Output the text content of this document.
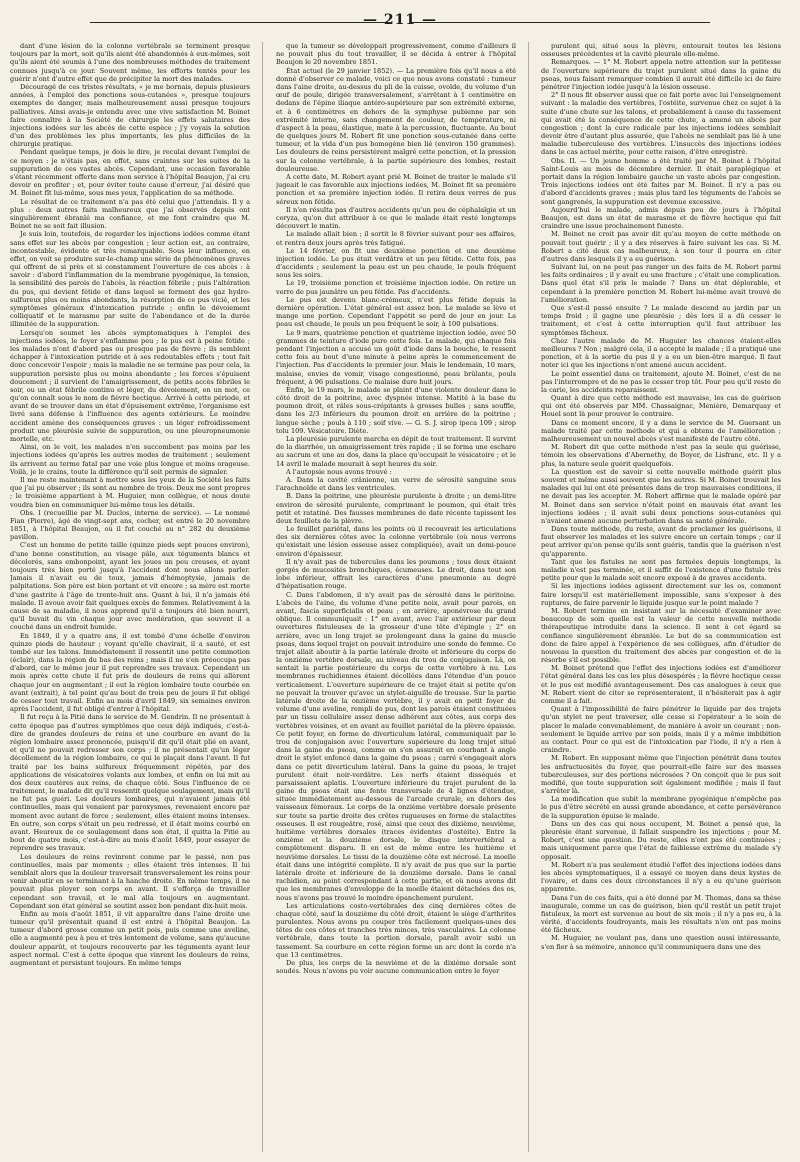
— 211 —

dant d'une lésion de la colonne vertébrale se terminent presque toujours par la mort, soit qu'ils aient été abandonnés à eux-mêmes, soit qu'ils aient été soumis à l'une des nombreuses méthodes de traitement connues jusqu'à ce jour. Souvent même, les efforts tentés pour les guérir n'ont d'autre effet que de précipiter la mort des malades.

Découragé de ces tristes résultats, « je me bornais, depuis plusieurs années, à l'emploi des ponctions sous-cutanées », presque toujours exemptes de danger, mais malheureusement aussi presque toujours palliatives. Ainsi avais-je entendu avec une vive satisfaction M. Boinet faire connaître à la Société de chirurgie les effets salutaires des injections iodées sur les abcès de cette espèce ; j'y voyais la solution d'un des problèmes les plus importants, les plus difficiles de la chirurgie pratique.

Pendant quelque temps, je dois le dire, je reculai devant l'emploi de ce moyen : je n'étais pas, en effet, sans craintes sur les suites de la suppuration de ces vastes abcès. Cependant, une occasion favorable s'étant récemment offerte dans mon service à l'hôpital Beaujon, j'ai cru devoir en profiter ; et, pour éviter toute cause d'erreur, j'ai désiré que M. Boinet fît lui-même, sous mes yeux, l'application de sa méthode.

Le résultat de ce traitement n'a pas été celui que j'attendais. Il y a plus : deux autres faits malheureux que j'ai observés depuis ont singulièrement ébranlé ma confiance, et me font craindre que M. Boinet ne se soit fait illusion.

Je suis loin, toutefois, de regarder les injections iodées comme étant sans effet sur les abcès par congestion ; leur action est, au contraire, incontestable, évidente et très remarquable. Sous leur influence, en effet, on voit se produire sur-le-champ une série de phénomènes graves qui offrent de si près et si constamment l'ouverture de ces abcès : à savoir : d'abord l'inflammation de la membrane pyogénique, la tension, la sensibilité des parois de l'abcès, la réaction fébrile ; puis l'altération du pus, qui devient fétide et dans lequel se forment des gaz hydro-sulfureux plus ou moins abondants, la résorption de ce pus vicié, et les symptômes généraux d'intoxication putride ; enfin le dévoiement colliquatif et le marasme par suite de l'abondance et de la durée illimitée de la suppuration.

Lorsqu'on soumet les abcès symptomatiques à l'emploi des injections iodées, le foyer s'enflamme peu ; le pus est à peine fétide ; les malades n'ont d'abord pas ou presque pas de fièvre ; ils semblent échapper à l'intoxication putride et à ses redoutables effets ; tout fait donc concevoir l'espoir ; mais la maladie ne se termine pas pour cela, la suppuration persiste plus ou moins abondante ; les forces s'épuisent doucement ; il survient de l'amaigrissement, de petits accès fébriles le soir, ou un état fébrile continu et léger, du dévoiement, en un mot, ce qu'on connaît sous le nom de fièvre hectique. Arrivé à cette période, et avant de se trouver dans un état d'épuisement extrême, l'organisme est livré sans défense à l'influence des agents extérieurs. Le moindre accident amène des conséquences graves : un léger refroidissement produit une pleurésie suivie de suppuration, ou une pleuropneumonie mortelle, etc.

Ainsi, on le voit, les malades n'en succombent pas moins par les injections iodées qu'après les autres modes de traitement ; seulement ils arrivent au terme fatal par une voie plus longue et moins orageuse. Voilà, je le crains, toute la différence qu'il soit permis de signaler.

Il me reste maintenant à mettre sous les yeux de la Société les faits que j'ai pu observer ; ils sont au nombre de trois. Deux me sont propres ; le troisième appartient à M. Huguier, mon collègue, et nous doute voudra bien en communiquer lui-même tous les détails.

Obs. I (recueillie par M. Duclos, interne de service). — Le nommé Fian (Pierre), âgé de vingt-sept ans, cocher, est entré le 20 novembre 1851, à l'hôpital Beaujon, où il fut couché au n° 282 du deuxième pavillon.

C'est un homme de petite taille (quinze pieds sept pouces environ), d'une bonne constitution, au visage pâle, aux téguments blancs et décolorés, sans embonpoint, ayant les joues un peu creuses, et ayant toujours très bien porté jusqu'à l'accident dont nous allons parler. Jamais il n'avait eu de toux, jamais d'hémoptysie, jamais de palpitations. Son père est bien portant et vit encore ; sa mère est morte d'une gastrite à l'âge de trente-huit ans. Quant à lui, il n'a jamais été malade. Il avoue avoir fait quelques excès de femmes. Relativement à la cause de sa maladie, il nous apprend qu'il a toujours été bien nourri, qu'il buvait du vin chaque jour avec modération, que souvent il a couché dans un endroit humide.

En 1849, il y a quatre ans, il est tombé d'une échelle d'environ quinze pieds de hauteur ; voyant qu'elle chavirait, il a sauté, et est tombé sur les talons. Immédiatement il ressentit une petite commotion (éclair), dans la région du bas des reins ; mais il ne s'en préoccupa pas d'abord, car le même jour il put reprendre ses travaux. Cependant un mois après cette chute il fut pris de douleurs de reins qui allèrent chaque jour en augmentant ; il eut la région lombaire toute courbée en avant (extrait), à tel point qu'au bout de trois peu de jours il fut obligé de cesser tout travail. Enfin au mois d'avril 1849, six semaines environ après l'accident, il fut obligé d'entrer à l'hôpital.

Il fut reçu à la Pitié dans le service de M. Gendrin. Il ne présentait à cette époque pas d'autres symptômes que ceux déjà indiqués, c'est-à-dire de grandes douleurs de reins et une courbure en avant de la région lombaire assez prononcée, puisqu'il dit qu'il était plié en avant, et qu'il ne pouvait redresser son corps ; il ne présentait qu'un léger décollement de la région lombaire, ce qui le plaçait dans l'avant. Il fut traité par les bains sulfureux fréquemment répétés, par des applications de vésicatoires volants aux lombes, et enfin on lui mit au dos deux cautères aux reins, de chaque côté. Sous l'influence de ce traitement, le malade dit qu'il ressentit quelque soulagement, mais qu'il ne fut pas guéri. Les douleurs lombaires, qui n'avaient jamais été continuelles, mais qui venaient par paroxysmes, revenaient encore par moment avec autant de force ; seulement, elles étaient moins intenses. En outre, son corps s'était un peu redressé, et il était moins courbé en avant. Heureux de ce soulagement dans son état, il quitta la Pitié au bout de quatre mois, c'est-à-dire au mois d'août 1849, pour essayer de reprendre ses travaux.

Les douleurs de reins revinrent comme par le passé, non pas continuelles, mais par moments ; elles étaient très intenses. Il lui semblait alors que la douleur traversait transversalement les reins pour venir aboutir en se terminant à la hanche droite. En même temps, il ne pouvait plus ployer son corps en avant. Il s'efforça de travailler cependant son travail, et le mal alla toujours en augmentant. Cependant son état général se soutint assez bon pendant dix-huit mois.

Enfin au mois d'août 1851, il vit apparaître dans l'aine droite une tumeur qu'il présentait quand il est entré à l'hôpital Beaujon. La tumeur d'abord grosse comme un petit pois, puis comme une aveline, elle a augmenté peu à peu et très lentement de volume, sans qu'aucune douleur apparût, et toujours recouverte par les téguments ayant leur aspect normal. C'est à cette époque que vinrent les douleurs de reins, augmentant et persistant toujours. En même temps

que la tumeur se développait progressivement, comme d'ailleurs il ne pouvait plus du tout travailler, il se décida à entrer à l'hôpital Beaujon le 20 novembre 1851.

État actuel (le 29 janvier 1852). — La première fois qu'il nous a été donné d'observer ce malade, voici ce que nous avons constaté : tumeur dans l'aine droite, au-dessus du pli de la cuisse, ovoïde, du volume d'un œuf de poule, dirigée transversalement, s'arrêtant à 1 centimètre en dedans de l'épine iliaque antéro-supérieure par son extrémité externe, et à 6 centimètres en dehors de la symphyse pubienne par son extrémité interne, sans changement de couleur, de température, ni d'aspect à la peau, élastique, mate à la percussion, fluctuante. Au bout de quelques jours M. Robert fit une ponction sous-cutanée dans cette tumeur, et la vida d'un pus homogène bien lié (environ 150 grammes). Les douleurs de reins persistèrent malgré cette ponction, et la pression sur la colonne vertébrale, à la partie supérieure des lombes, restait douloureuse.

A cette date, M. Robert ayant prié M. Boinet de traiter le malade s'il jugeait le cas favorable aux injections iodées, M. Boinet fit sa première ponction et sa première injection iodée. Il retira deux verres de pus séreux non fétide.

Il n'en résulta pas d'autres accidents qu'un peu de céphalalgie et un coryza, qu'on dut attribuer à ce que le malade était resté longtemps découvert le matin.

Le malade allait bien ; il sortit le 8 février suivant pour ses affaires, et rentra deux jours après très fatigué.

Le 14 février, on fit une deuxième ponction et une deuxième injection iodée. Le pus était verdâtre et un peu fétide. Cette fois, pas d'accidents ; seulement la peau est un peu chaude, le pouls fréquent sous les soirs.

Le 19, troisième ponction et troisième injection iodée. On retire un verre de pus jaunâtre un peu fétide. Pas d'accidents.

Le pus est devenu blanc-crémeux, n'est plus fétide depuis la dernière opération. L'état général est assez bon. Le malade se lève et mange une portion. Cependant l'appétit se perd de jour en jour. La peau est chaude, le pouls un peu fréquent le soir, à 100 pulsations.

Le 9 mars, quatrième ponction et quatrième injection iodée, avec 50 grammes de teinture d'iode pure cette fois. Le malade, qui chaque fois pendant l'injection a accusé un goût d'iode dans la bouche, le ressent cette fois au bout d'une minute à peine après le commencement de l'injection. Pas d'accidents le premier jour. Mais le lendemain, 10 mars, malaise, envies de vomir, visage congestionné, peau brûlante, pouls fréquent, à 96 pulsations. Ce malaise dure huit jours.

Enfin, le 19 mars, le malade se plaint d'une violente douleur dans le côté droit de la poitrine, avec dyspnée intense. Matité à la base du poumon droit, et râles sous-crépitants à grosses bulles ; sans souffle, dans les 2/3 inférieurs du poumon droit en arrière de la poitrine ; langue sèche ; pouls à 110 ; soif vive. — G. S. J. sirop ipeca 109 ; sirop tolu 109. Vésicatoire. Diète.

La pleurésie purulente marcha en dépit de tout traitement. Il survint de la diarrhée, un amaigrissement très rapide ; il se forma une eschare au sacrum et une au dos, dans la place qu'occupait le vésicatoire ; et le 14 avril le malade mourait à sept heures du soir.

A l'autopsie nous avons trouvé :

A. Dans la cavité crânienne, un verre de sérosité sanguine sous l'arachnoïde et dans les ventricules.

B. Dans la poitrine, une pleurésie purulente à droite ; un demi-litre environ de sérosité purulente, comprimant le poumon, qui était très petit et ratatiné. Des fausses membranes de date récente tapissent les deux feuillets de la plèvre.

Le feuillet pariétal, dans les points où il recouvrait les articulations des six dernières côtes avec la colonne vertébrale (où nous verrons qu'existait une lésion osseuse assez compliquée), avait un demi-pouce environ d'épaisseur.

Il n'y avait pas de tubercules dans les poumons ; tous deux étaient gorgés de mucosités bronchiques, écumeuses. Le droit, dans tout son lobe inférieur, offrait les caractères d'une pneumonie au degré d'hépatisation rouge.

C. Dans l'abdomen, il n'y avait pas de sérosité dans le péritoine. L'abcès de l'aine, du volume d'une petite noix, avait pour parois, en avant, fascia superficialis et peau ; en arrière, aponévrose du grand oblique. Il communiquait : 1° en avant, avec l'air extérieur par deux ouvertures fistuleuses de la grosseur d'une tête d'épingle ; 2° en arrière, avec un long trajet se prolongeant dans la gaine du muscle psoas, dans lequel trajet on pouvait introduire une sonde de femme. Ce trajet allait aboutir à la partie latérale droite et inférieure du corps de la onzième vertèbre dorsale, au niveau du trou de conjugaison. Là, on sentait la partie postérieure du corps de cette vertèbre à nu. Les membranes rachidiennes étaient décollées dans l'étendue d'un pouce verticalement. L'ouverture supérieure de ce trajet était si petite qu'on ne pouvait la trouver qu'avec un stylet-aiguille de trousse. Sur la partie latérale droite de la onzième vertèbre, il y avait en petit foyer du volume d'une aveline, rempli de pus, dont les parois étaient constituées par un tissu cellulaire assez dense adhérent aux côtes, aux corps des vertèbres voisines, et en avant au feuillet pariétal de la plèvre épaissie. Ce petit foyer, en forme de diverticulum latéral, communiquait par le trou de conjugaison avec l'ouverture supérieure du long trajet situé dans la gaine du psoas, comme on s'en assurait en courbant à angle droit le stylet enfoncé dans la gaine du psoas ; carré s'engageait alors dans ce petit diverticulum latéral. Dans la gaine du psoas, le trajet purulent était noir-verdâtre. Les nerfs étaient disséqués et parsaissaient aplatis. L'ouverture inférieure du trajet purulent de la gaine du psoas était une fente transversale de 4 lignes d'étendue, située immédiatement au-dessous de l'arcade crurale, en dehors des vaisseaux fémoraux. Le corps de la onzième vertèbre dorsale présente sur toute sa partie droite des crêtes rugueuses en forme de stalactites osseuses. Il est rougeâtre, rosé, ainsi que ceux des dixième, neuvième, huitième vertèbres dorsales (traces évidentes d'ostéite). Entre la onzième et la douzième dorsale, le disque intervertébral a complètement disparu. Il en est de même entre les huitième et neuvième dorsales. Le tissu de la douzième côte est nécrosé. La moelle était dans une intégrité complète. Il n'y avait de pus que sur la partie latérale droite et inférieure de la douzième dorsale. Dans le canal rachidien, au point correspondant à cette partie, et où nous avons dit que les membranes d'enveloppe de la moelle étaient détachées des os, nous n'avons pas trouvé le moindre épanchement purulent.

Les articulations costo-vertébrales des cinq dernières côtes de chaque côté, sauf la douzième du côté droit, étaient le siège d'arthrites purulentes. Nous avons pu couper très facilement quelques-unes des têtes de ces côtes et tranches très minces, très vasculaires. La colonne vertébrale, dans toute la portion dorsale, paraît avoir subi un tassement. Sa courbure en cette région forme un arc dont la corde n'a que 13 centimètres.

De plus, les corps de la neuvième et de la dixième dorsale sont soudés. Nous n'avons pu voir aucune communication entre le foyer

purulent qui, situé sous la plèvre, entourait toutes les lésions osseuses précédentes et la cavité pleurale elle-même.

Remarques. — 1° M. Robert appela notre attention sur la petitesse de l'ouverture supérieure du trajet purulent situé dans la gaine du psoas, nous faisant remarquer combien il aurait été difficile ici de faire pénétrer l'injection iodée jusqu'à la lésion osseuse.

2° Il nous fit observer aussi que ce fait porte avec lui l'enseignement suivant : la maladie des vertèbres, l'ostéite, survenue chez ce sujet à la suite d'une chute sur les talons, et probablement à cause du tassement qui avait été la conséquence de cette chute, a amené un abcès par congestion ; dont la cure radicale par les injections iodées semblait devoir être d'autant plus assurée, que l'abcès ne semblait pas lié à une maladie tuberculeuse des vertèbres. L'insuccès des injections iodées dans le cas actuel mérite, pour cette raison, d'être enregistré.

Obs. II. — Un jeune homme a été traité par M. Boinet à l'hôpital Saint-Louis au mois de décembre dernier. Il était paraplégique et portait dans la région lombaire gauche un vaste abcès par congestion. Trois injections iodées ont été faites par M. Boinet. Il n'y a pas eu d'abord d'accidents graves ; mais plus tard les téguments de l'abcès se sont gangrenés, la suppuration est devenue excessive.

Aujourd'hui le malade, admis depuis peu de jours à l'hôpital Beaujon, est dans un état de marasme et de fièvre hectique qui fait craindre une issue prochainement funeste.

M. Boinet ne croit pas avoir dit qu'au moyen de cette méthode on pouvait tout guérir ; il y a des réserves à faire suivant les cas. Si M. Robert a cité deux cas malheureux, à son tour il pourra en citer d'autres dans lesquels il y a eu guérison.

Suivant lui, on ne peut pas ranger un des faits de M. Robert parmi les faits ordinaires ; il y avait eu une fracture ; c'était une complication. Dans quel état s'il pris le malade ? Dans un état déplorable, et cependant à la première ponction M. Robert lui-même avait trouvé de l'amélioration.

Que s'est-il passé ensuite ? Le malade descend au jardin par un temps froid ; il gagne une pleurésie ; dès lors il a dû cesser le traitement, et c'est à cette interruption qu'il faut attribuer les symptômes fâcheux.

Chez l'autre malade de M. Huguier les chances étaient-elles meilleures ? Non ; malgré cela, il a accepté le malade ; il a pratiqué une ponction, et à la sortie du pus il y a eu un bien-être marqué. Il faut noter ici que les injections n'ont amené aucun accident.

Le point essentiel dans ce traitement, ajoute M. Boinet, c'est de ne pas l'interrompre et de ne pas le cesser trop tôt. Pour peu qu'il reste de la carie, les accidents reparaissent.

Quant à dire que cette méthode est mauvaise, les cas de guérison qui ont été observés par MM. Chassaignac, Menière, Demarquay et Houel sont là pour prouver le contraire.

Dans ce moment encore, il y a dans le service de M. Guersant un malade traité par cette méthode et qui a obtenu de l'amélioration ; malheureusement un nouvel abcès s'est manifesté de l'autre côté.

M. Robert dit que cette méthode n'est pas la seule qui guérisse, témoin les observations d'Abernethy, de Boyer, de Lisfranc, etc. Il y a plus, la nature seule guérit quelquefois.

La question est de savoir si cette nouvelle méthode guérit plus souvent et même aussi souvent que les autres. Si M. Boinet trouvait les malades qui lui ont été présentés dans de trop mauvaises conditions, il ne devait pas les accepter. M. Robert affirme que le malade opéré par M. Boinet dans son service n'était point en mauvais état avant les injections iodées ; il avait subi deux ponctions sous-cutanées qui n'avaient amené aucune perturbation dans sa santé générale.

Dans toute méthode, du reste, avant de proclamer les guérisons, il faut observer les malades et les suivre encore un certain temps ; car il peut arriver qu'on pense qu'ils sont guéris, tandis que la guérison n'est qu'apparente.

Tant que les fistules ne sont pas fermées depuis longtemps, la maladie n'est pas terminée, et il suffit de l'existence d'une fistule très petite pour que le malade soit encore exposé à de graves accidents.

Si les injections iodées agissent directement sur les os, comment faire lorsqu'il est matériellement impossible, sans s'exposer à des ruptures, de faire parvenir le liquide jusque sur le point malade ?

M. Robert termine en insistant sur la nécessité d'examiner avec beaucoup de soin quelle est la valeur de cette nouvelle méthode thérapeutique introduite dans la science. Il sent à cet égard sa confiance singulièrement ébranlée. Le but de sa communication est donc de faire appel à l'expérience de ses collègues, afin d'étudier de nouveau la question du traitement des abcès par congestion et de la résorbe s'il est possible.

M. Boinet prétend que l'effet des injections iodées est d'améliorer l'état général dans les cas les plus désespérés ; la fièvre hectique cesse et le pus est modifié avantageusement. Des cas analogues à ceux que M. Robert vient de citer se représenteraient, il n'hésiterait pas à agir comme il a fait.

Quant à l'impossibilité de faire pénétrer le liquide par des trajets qu'un stylet ne peut traverser, elle cesse si l'opérateur a le soin de placer le malade convenablement, de manière à avoir un courant ; non-seulement le liquide arrive par son poids, mais il y a même imbibition au contact. Pour ce qui est de l'intoxication par l'iode, il n'y a rien à craindre.

M. Robert. En supposant même que l'injection pénétrât dans toutes les anfractuosités du foyer, que pourrait-elle faire sur des masses tuberculeuses, sur des portions nécrosées ? On conçoit que le pus soit modifié, que toute suppuration soit également modifiée ; mais il faut s'arrêter là.

La modification que subit la membrane pyogénique n'empêche pas le pus d'être sécrété en aussi grande abondance, et cette persévérance de la suppuration épuise le malade.

Dans un des cas qui nous occupent, M. Boinet a pensé que, la pleurésie étant survenue, il fallait suspendre les injections ; pour M. Robert, c'est une question. Du reste, elles n'ont pas été continuées ; mais uniquement parce que l'état de faiblesse extrême du malade s'y opposait.

M. Robert n'a pas seulement étudié l'effet des injections iodées dans les abcès symptomatiques, il a essayé ce moyen dans deux kystes de l'ovaire, et dans ces deux circonstances il n'y a eu qu'une guérison apparente.

Dans l'un de ces faits, qui a été donné par M. Thomas, dans sa thèse inaugurale, comme un cas de guérison, bien qu'il restât un petit trajet fistuleux, la mort est survenue au bout de six mois ; il n'y a pas eu, à la vérité, d'accidents foudroyants, mais les résultats n'en ont pas moins été fâcheux.

M. Huguier, ne voulant pas, dans une question aussi intéressante, s'en fier à sa mémoire, annonce qu'il communiquera dans une des
